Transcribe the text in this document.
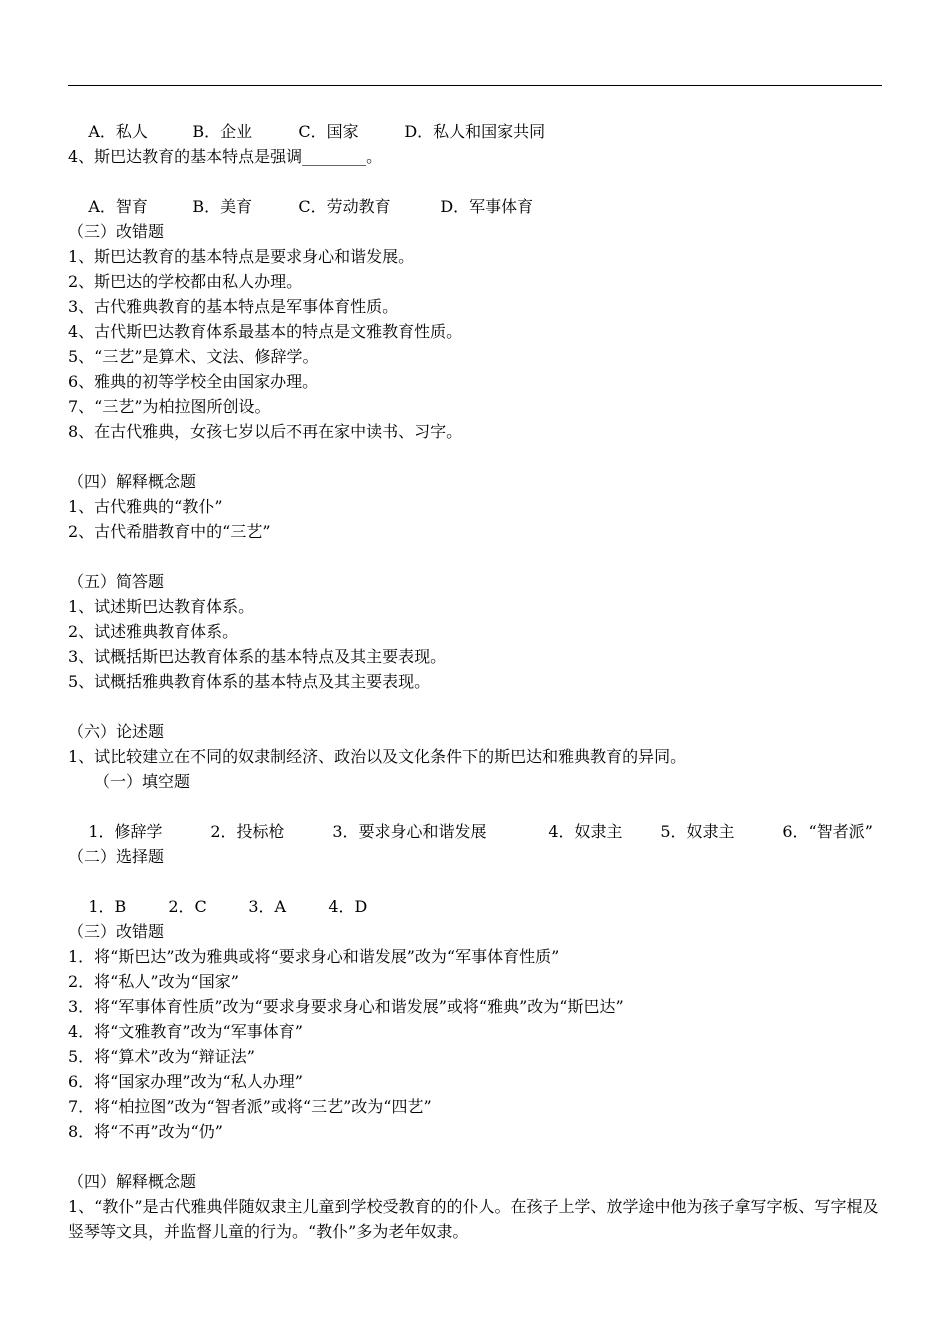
A．私人	B．企业	C．国家	D．私人和国家共同

4、斯巴达教育的基本特点是强调________。

A．智育	B．美育	C．劳动教育	D．军事体育

（三）改错题
1、斯巴达教育的基本特点是要求身心和谐发展。
2、斯巴达的学校都由私人办理。
3、古代雅典教育的基本特点是军事体育性质。
4、古代斯巴达教育体系最基本的特点是文雅教育性质。
5、“三艺”是算术、文法、修辞学。
6、雅典的初等学校全由国家办理。
7、“三艺”为柏拉图所创设。
8、在古代雅典，女孩七岁以后不再在家中读书、习字。
（四）解释概念题
1、古代雅典的“教仆”
2、古代希腊教育中的“三艺”
（五）简答题
1、试述斯巴达教育体系。
2、试述雅典教育体系。
3、试概括斯巴达教育体系的基本特点及其主要表现。
5、试概括雅典教育体系的基本特点及其主要表现。
（六）论述题
1、试比较建立在不同的奴隶制经济、政治以及文化条件下的斯巴达和雅典教育的异同。
（一）填空题

1．修辞学	2．投标枪	3．要求身心和谐发展	4．奴隶主 5．奴隶主	6．“智者派”

（二）选择题

1．B	2．C	3．A	4．D

（三）改错题
1．将“斯巴达”改为雅典或将“要求身心和谐发展”改为“军事体育性质”
2．将“私人”改为“国家”
3．将“军事体育性质”改为“要求身要求身心和谐发展”或将“雅典”改为“斯巴达”
4．将“文雅教育”改为“军事体育”
5．将“算术”改为“辩证法”
6．将“国家办理”改为“私人办理”
7．将“柏拉图”改为“智者派”或将“三艺”改为“四艺”
8．将“不再”改为“仍”
（四）解释概念题
1、“教仆”是古代雅典伴随奴隶主儿童到学校受教育的的仆人。在孩子上学、放学途中他为孩子拿写字板、写字棍及竖琴等文具，并监督儿童的行为。“教仆”多为老年奴隶。
